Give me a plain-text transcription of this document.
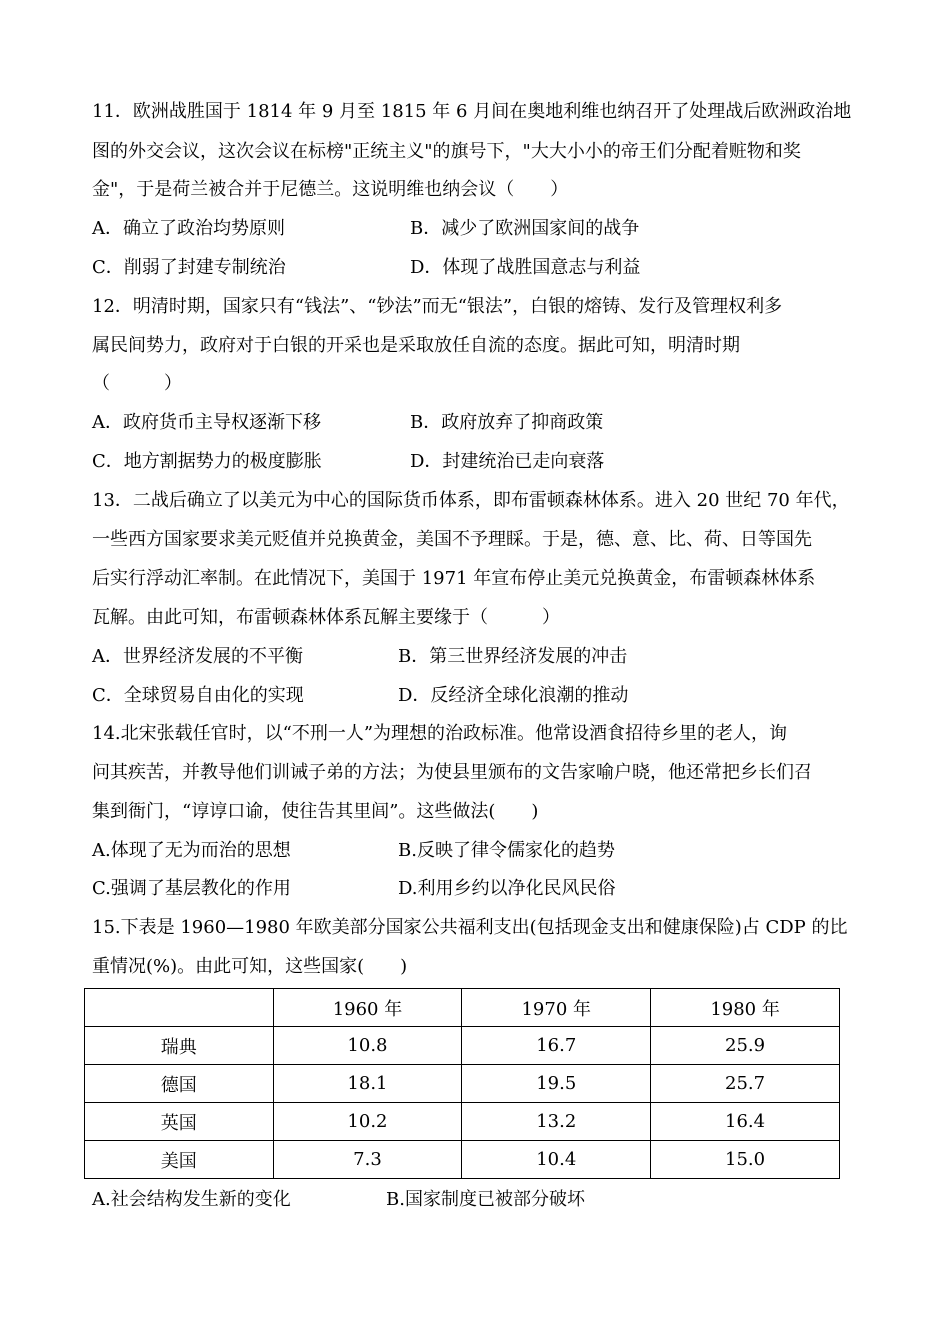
11．欧洲战胜国于 1814 年 9 月至 1815 年 6 月间在奥地利维也纳召开了处理战后欧洲政治地
图的外交会议，这次会议在标榜"正统主义"的旗号下，"大大小小的帝王们分配着赃物和奖
金"，于是荷兰被合并于尼德兰。这说明维也纳会议（　　）
A．确立了政治均势原则	B．减少了欧洲国家间的战争
C．削弱了封建专制统治	D．体现了战胜国意志与利益
12．明清时期，国家只有“钱法”、“钞法”而无“银法”，白银的熔铸、发行及管理权利多
属民间势力，政府对于白银的开采也是采取放任自流的态度。据此可知，明清时期
（　　　）
A．政府货币主导权逐渐下移	B．政府放弃了抑商政策
C．地方割据势力的极度膨胀	D．封建统治已走向衰落
13．二战后确立了以美元为中心的国际货币体系，即布雷顿森林体系。进入 20 世纪 70 年代，
一些西方国家要求美元贬值并兑换黄金，美国不予理睬。于是，德、意、比、荷、日等国先
后实行浮动汇率制。在此情况下，美国于 1971 年宣布停止美元兑换黄金，布雷顿森林体系
瓦解。由此可知，布雷顿森林体系瓦解主要缘于（　　　）
A．世界经济发展的不平衡	B．第三世界经济发展的冲击
C．全球贸易自由化的实现	D．反经济全球化浪潮的推动
14.北宋张载任官时，以“不刑一人”为理想的治政标准。他常设酒食招待乡里的老人，询
问其疾苦，并教导他们训诫子弟的方法；为使县里颁布的文告家喻户晓，他还常把乡长们召
集到衙门，“谆谆口谕，使往告其里闾”。这些做法(　　)
A.体现了无为而治的思想	B.反映了律令儒家化的趋势
C.强调了基层教化的作用	D.利用乡约以净化民风民俗
15.下表是 1960—1980 年欧美部分国家公共福利支出(包括现金支出和健康保险)占 CDP 的比
重情况(%)。由此可知，这些国家(　　)
	1960 年	1970 年	1980 年
瑞典	10.8	16.7	25.9
德国	18.1	19.5	25.7
英国	10.2	13.2	16.4
美国	7.3	10.4	15.0
A.社会结构发生新的变化	B.国家制度已被部分破坏
